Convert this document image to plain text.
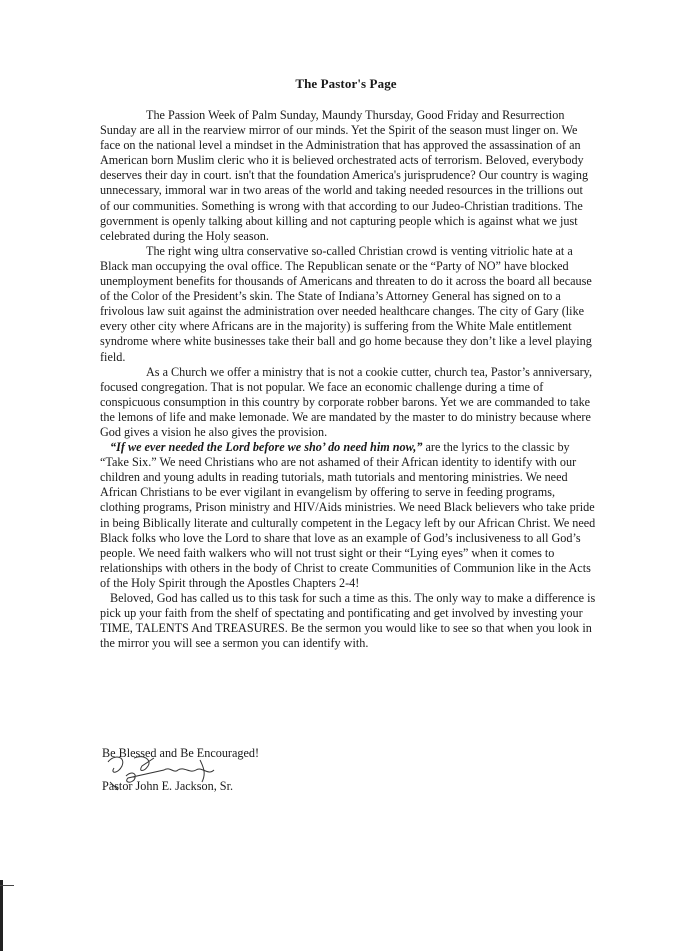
The Pastor's Page

The Passion Week of Palm Sunday, Maundy Thursday, Good Friday and Resurrection Sunday are all in the rearview mirror of our minds. Yet the Spirit of the season must linger on. We face on the national level a mindset in the Administration that has approved the assassination of an American born Muslim cleric who it is believed orchestrated acts of terrorism. Beloved, everybody deserves their day in court. isn't that the foundation America's jurisprudence? Our country is waging unnecessary, immoral war in two areas of the world and taking needed resources in the trillions out of our communities. Something is wrong with that according to our Judeo-Christian traditions. The government is openly talking about killing and not capturing people which is against what we just celebrated during the Holy season.

The right wing ultra conservative so-called Christian crowd is venting vitriolic hate at a Black man occupying the oval office. The Republican senate or the “Party of NO” have blocked unemployment benefits for thousands of Americans and threaten to do it across the board all because of the Color of the President’s skin. The State of Indiana’s Attorney General has signed on to a frivolous law suit against the administration over needed healthcare changes. The city of Gary (like every other city where Africans are in the majority) is suffering from the White Male entitlement syndrome where white businesses take their ball and go home because they don’t like a level playing field.

As a Church we offer a ministry that is not a cookie cutter, church tea, Pastor’s anniversary, focused congregation. That is not popular. We face an economic challenge during a time of conspicuous consumption in this country by corporate robber barons. Yet we are commanded to take the lemons of life and make lemonade. We are mandated by the master to do ministry because where God gives a vision he also gives the provision.

“If we ever needed the Lord before we sho’ do need him now,” are the lyrics to the classic by “Take Six.” We need Christians who are not ashamed of their African identity to identify with our children and young adults in reading tutorials, math tutorials and mentoring ministries. We need African Christians to be ever vigilant in evangelism by offering to serve in feeding programs, clothing programs, Prison ministry and HIV/Aids ministries. We need Black believers who take pride in being Biblically literate and culturally competent in the Legacy left by our African Christ. We need Black folks who love the Lord to share that love as an example of God’s inclusiveness to all God’s people. We need faith walkers who will not trust sight or their “Lying eyes” when it comes to relationships with others in the body of Christ to create Communities of Communion like in the Acts of the Holy Spirit through the Apostles Chapters 2-4!

Beloved, God has called us to this task for such a time as this. The only way to make a difference is pick up your faith from the shelf of spectating and pontificating and get involved by investing your TIME, TALENTS And TREASURES. Be the sermon you would like to see so that when you look in the mirror you will see a sermon you can identify with.

Be Blessed and Be Encouraged!
Pastor John E. Jackson, Sr.
